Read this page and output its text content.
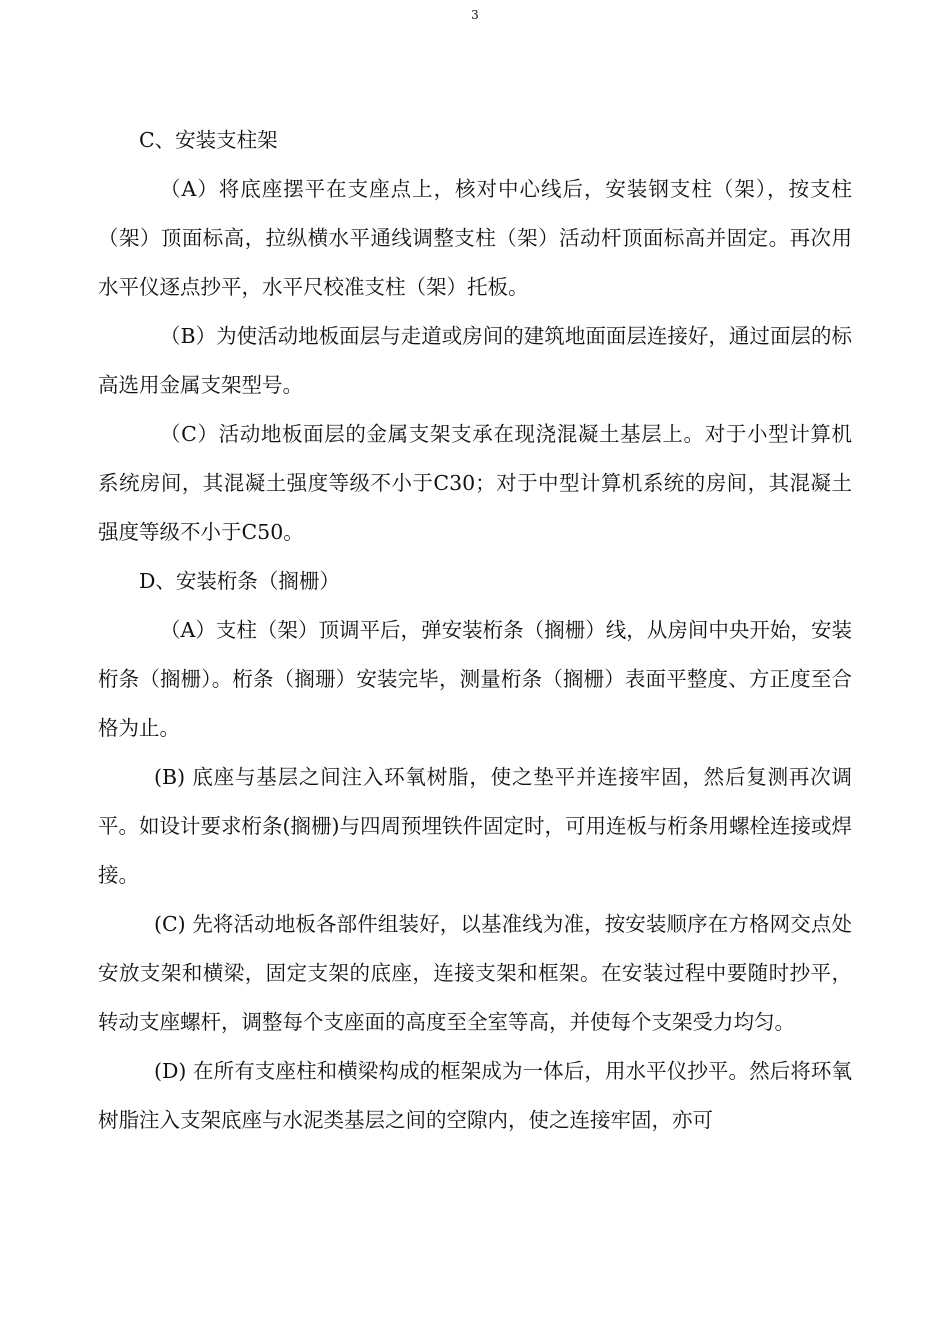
3

C、安装支柱架

（A）将底座摆平在支座点上，核对中心线后，安装钢支柱（架），按支柱（架）顶面标高，拉纵横水平通线调整支柱（架）活动杆顶面标高并固定。再次用水平仪逐点抄平，水平尺校准支柱（架）托板。

（B）为使活动地板面层与走道或房间的建筑地面面层连接好，通过面层的标高选用金属支架型号。

（C）活动地板面层的金属支架支承在现浇混凝土基层上。对于小型计算机系统房间，其混凝土强度等级不小于C30；对于中型计算机系统的房间，其混凝土强度等级不小于C50。

D、安装桁条（搁栅）

（A）支柱（架）顶调平后，弹安装桁条（搁栅）线，从房间中央开始，安装桁条（搁栅）。桁条（搁珊）安装完毕，测量桁条（搁栅）表面平整度、方正度至合格为止。

(B) 底座与基层之间注入环氧树脂，使之垫平并连接牢固，然后复测再次调平。如设计要求桁条(搁栅)与四周预埋铁件固定时，可用连板与桁条用螺栓连接或焊接。

(C) 先将活动地板各部件组装好，以基准线为准，按安装顺序在方格网交点处安放支架和横梁，固定支架的底座，连接支架和框架。在安装过程中要随时抄平，转动支座螺杆，调整每个支座面的高度至全室等高，并使每个支架受力均匀。

(D) 在所有支座柱和横梁构成的框架成为一体后，用水平仪抄平。然后将环氧树脂注入支架底座与水泥类基层之间的空隙内，使之连接牢固，亦可
